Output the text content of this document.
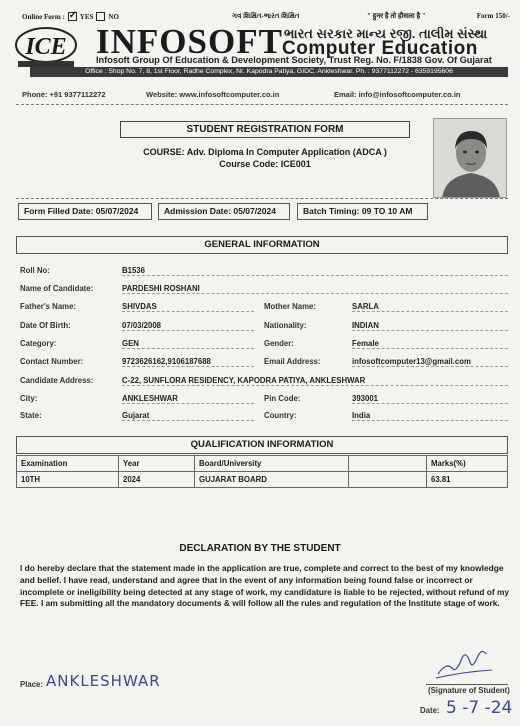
Online Form : ✓ YES NO	ગવ શિક્ષિત-ભારત શિક્ષિત	" हुनर है तो हौसला है "	Form 150/-
ICE INFOSOFT ભારત સરકાર માન્ય રજી. તાલીમ સંસ્થા
Computer Education
Infosoft Group Of Education & Development Society, Trust Reg. No. F/1838 Gov. Of Gujarat
Office : Shop No. 7, 8, 1st Floor, Radhe Complex, Nr. Kapodra Patiya, GIDC, Ankleshwar. Ph. : 9377112272 - 6359195606
Phone: +91 9377112272	Website: www.infosoftcomputer.co.in	Email: info@infosoftcomputer.co.in
STUDENT REGISTRATION FORM
COURSE: Adv. Diploma In Computer Application (ADCA )
Course Code: ICE001
Form Filled Date: 05/07/2024	Admission Date: 05/07/2024	Batch Timing: 09 TO 10 AM
GENERAL INFORMATION
Roll No:	B1536
Name of Candidate:	PARDESHI ROSHANI
Father's Name:	SHIVDAS	Mother Name:	SARLA
Date Of Birth:	07/03/2008	Nationality:	INDIAN
Category:	GEN	Gender:	Female
Contact Number:	9723626162,9106187688	Email Address:	infosoftcomputer13@gmail.com
Candidate Address:	C-22, SUNFLORA RESIDENCY, KAPODRA PATIYA, ANKLESHWAR
City:	ANKLESHWAR	Pin Code:	393001
State:	Gujarat	Country:	India
QUALIFICATION INFORMATION
Examination	Year	Board/University		Marks(%)
10TH	2024	GUJARAT BOARD		63.81
DECLARATION BY THE STUDENT
I do hereby declare that the statement made in the application are true, complete and correct to the best of my knowledge and belief. I have read, understand and agree that in the event of any information being found false or incorrect or incomplete or ineligibility being detected at any stage of work, my candidature is liable to be rejected, without refund of my FEE. I am submitting all the mandatory documents & will follow all the rules and regulation of the Institute stage of work.
Place: ANKLESHWAR
(Signature of Student)
Date: 5 -7 -24
